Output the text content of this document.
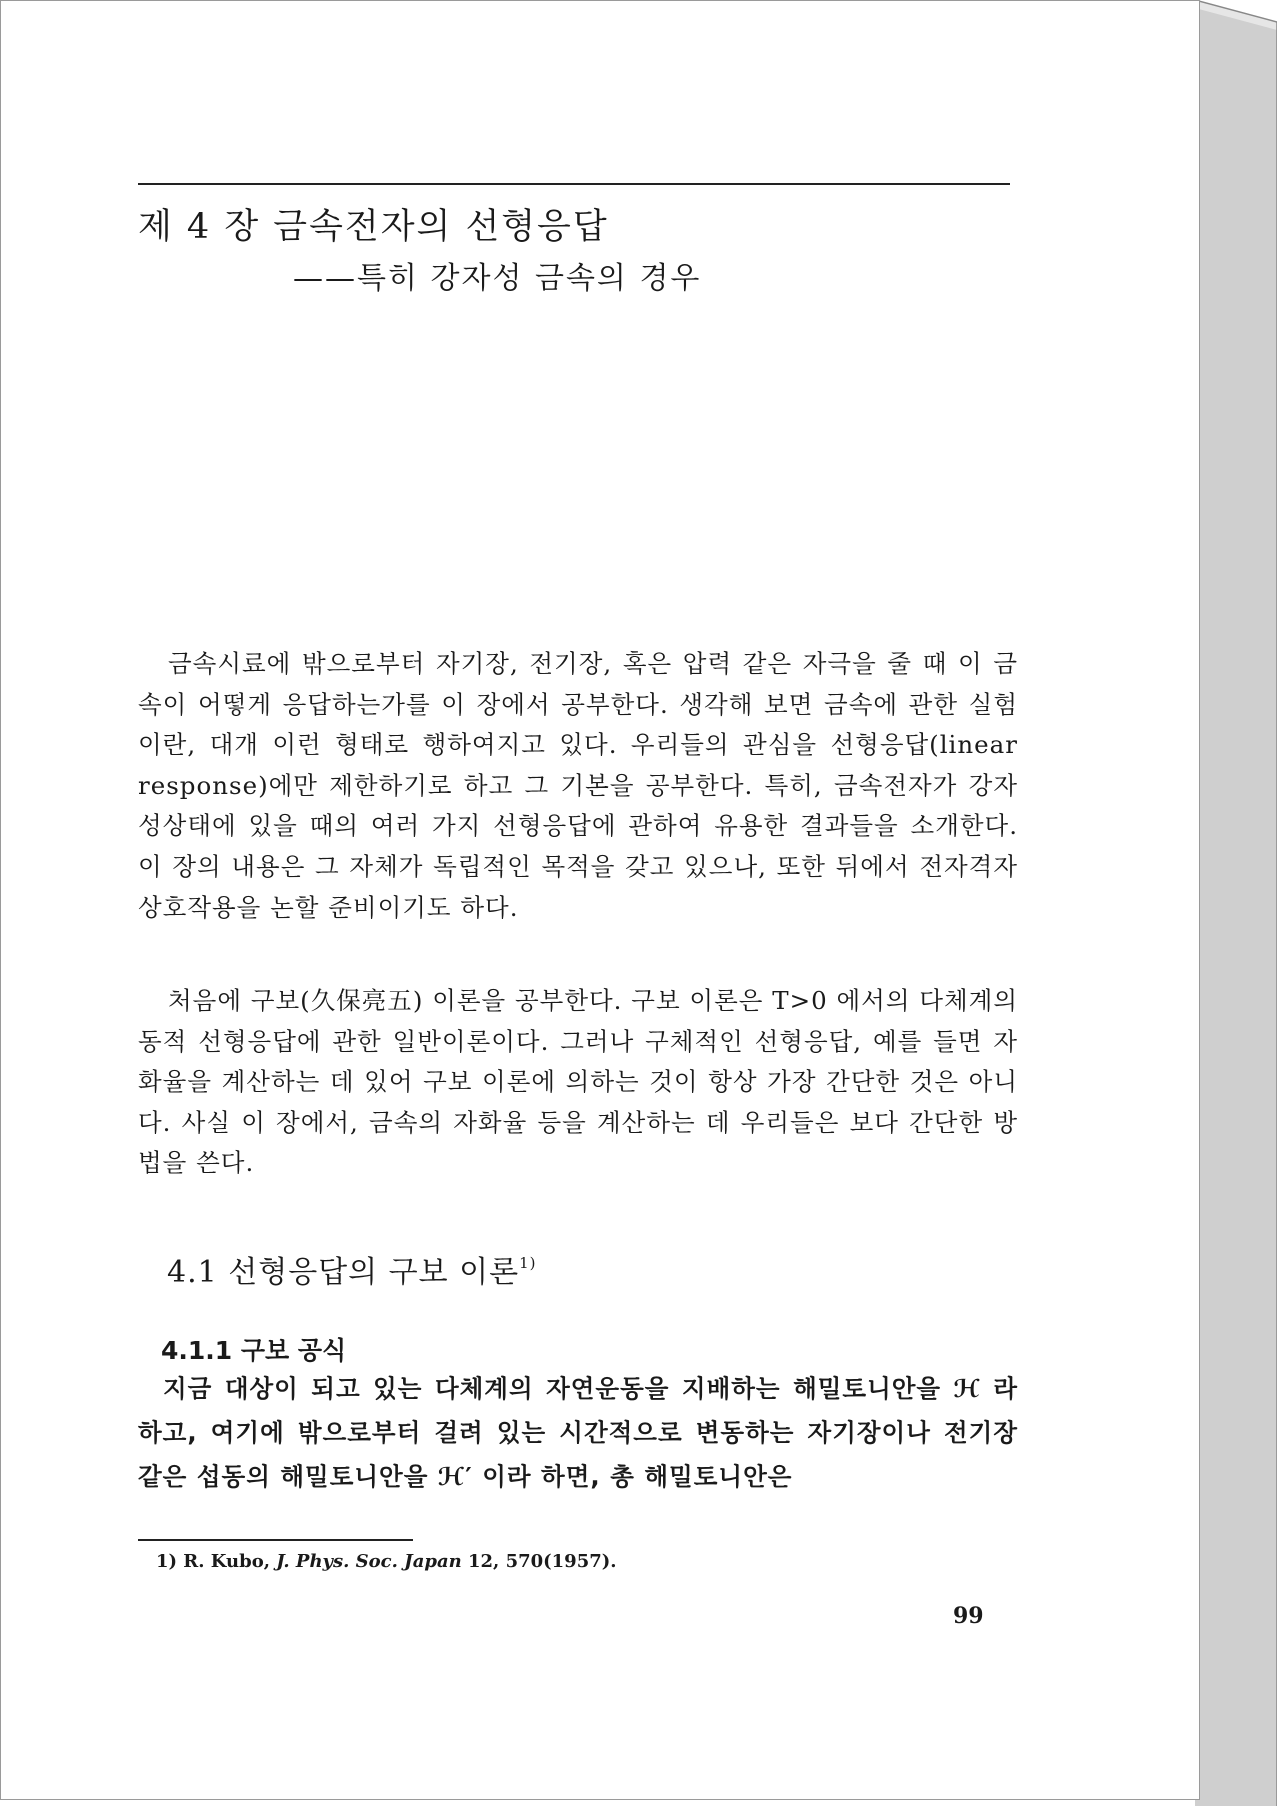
제 4 장 금속전자의 선형응답
——특히 강자성 금속의 경우

금속시료에 밖으로부터 자기장, 전기장, 혹은 압력 같은 자극을 줄 때 이 금속이 어떻게 응답하는가를 이 장에서 공부한다. 생각해 보면 금속에 관한 실험이란, 대개 이런 형태로 행하여지고 있다. 우리들의 관심을 선형응답(linear response)에만 제한하기로 하고 그 기본을 공부한다. 특히, 금속전자가 강자성상태에 있을 때의 여러 가지 선형응답에 관하여 유용한 결과들을 소개한다. 이 장의 내용은 그 자체가 독립적인 목적을 갖고 있으나, 또한 뒤에서 전자격자 상호작용을 논할 준비이기도 하다.

처음에 구보(久保亮五) 이론을 공부한다. 구보 이론은 T>0 에서의 다체계의 동적 선형응답에 관한 일반이론이다. 그러나 구체적인 선형응답, 예를 들면 자화율을 계산하는 데 있어 구보 이론에 의하는 것이 항상 가장 간단한 것은 아니다. 사실 이 장에서, 금속의 자화율 등을 계산하는 데 우리들은 보다 간단한 방법을 쓴다.

4.1 선형응답의 구보 이론$^{1)}$
4.1.1 구보 공식

지금 대상이 되고 있는 다체계의 자연운동을 지배하는 해밀토니안을 ℋ 라 하고, 여기에 밖으로부터 걸려 있는 시간적으로 변동하는 자기장이나 전기장 같은 섭동의 해밀토니안을 ℋ′ 이라 하면, 총 해밀토니안은

1) R. Kubo, J. Phys. Soc. Japan 12, 570(1957).
99
